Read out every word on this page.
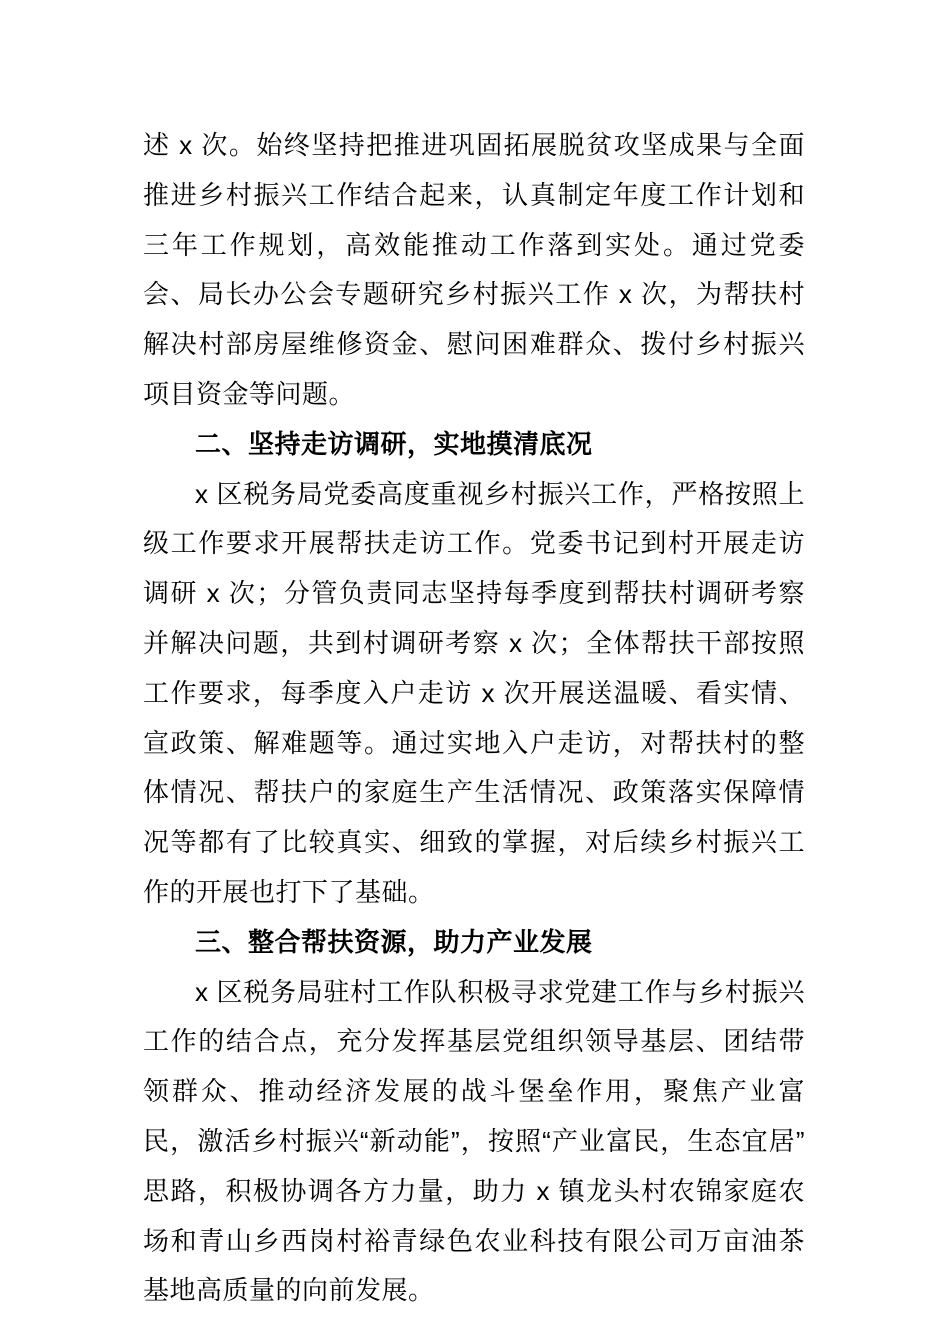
述 x 次。始终坚持把推进巩固拓展脱贫攻坚成果与全面推进乡村振兴工作结合起来，认真制定年度工作计划和三年工作规划，高效能推动工作落到实处。通过党委会、局长办公会专题研究乡村振兴工作 x 次，为帮扶村解决村部房屋维修资金、慰问困难群众、拨付乡村振兴项目资金等问题。

二、坚持走访调研，实地摸清底况

x 区税务局党委高度重视乡村振兴工作，严格按照上级工作要求开展帮扶走访工作。党委书记到村开展走访调研 x 次；分管负责同志坚持每季度到帮扶村调研考察并解决问题，共到村调研考察 x 次；全体帮扶干部按照工作要求，每季度入户走访 x 次开展送温暖、看实情、宣政策、解难题等。通过实地入户走访，对帮扶村的整体情况、帮扶户的家庭生产生活情况、政策落实保障情况等都有了比较真实、细致的掌握，对后续乡村振兴工作的开展也打下了基础。

三、整合帮扶资源，助力产业发展

x 区税务局驻村工作队积极寻求党建工作与乡村振兴工作的结合点，充分发挥基层党组织领导基层、团结带领群众、推动经济发展的战斗堡垒作用，聚焦产业富民，激活乡村振兴“新动能”，按照“产业富民，生态宜居”思路，积极协调各方力量，助力 x 镇龙头村农锦家庭农场和青山乡西岗村裕青绿色农业科技有限公司万亩油茶基地高质量的向前发展。
